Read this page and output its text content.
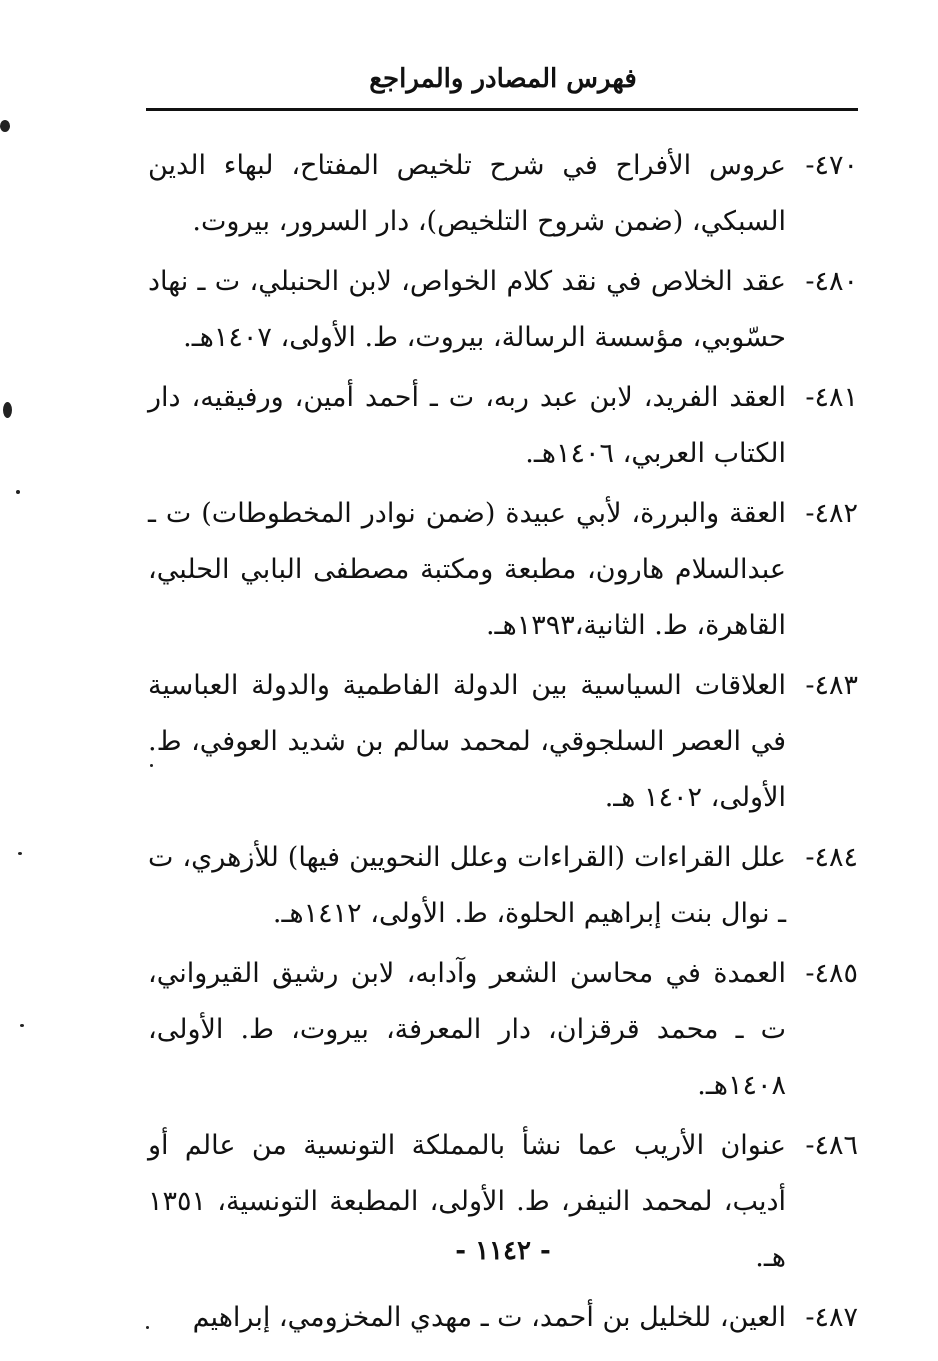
فهرس المصادر والمراجع
٤٧٠-
عروس الأفراح في شرح تلخيص المفتاح، لبهاء الدين السبكي، (ضمن شروح التلخيص)، دار السرور، بيروت.
٤٨٠-
عقد الخلاص في نقد كلام الخواص، لابن الحنبلي، ت ـ نهاد حسّوبي، مؤسسة الرسالة، بيروت، ط. الأولى، ١٤٠٧هـ.
٤٨١-
العقد الفريد، لابن عبد ربه، ت ـ أحمد أمين، ورفيقيه، دار الكتاب العربي، ١٤٠٦هـ.
٤٨٢-
العقة والبررة، لأبي عبيدة (ضمن نوادر المخطوطات) ت ـ عبدالسلام هارون، مطبعة ومكتبة مصطفى البابي الحلبي، القاهرة، ط. الثانية،١٣٩٣هـ.
٤٨٣-
العلاقات السياسية بين الدولة الفاطمية والدولة العباسية في العصر السلجوقي، لمحمد سالم بن شديد العوفي، ط. الأولى، ١٤٠٢ هـ.
٤٨٤-
علل القراءات (القراءات وعلل النحويين فيها) للأزهري، ت ـ نوال بنت إبراهيم الحلوة، ط. الأولى، ١٤١٢هـ.
٤٨٥-
العمدة في محاسن الشعر وآدابه، لابن رشيق القيرواني، ت ـ محمد قرقزان، دار المعرفة، بيروت، ط. الأولى، ١٤٠٨هـ.
٤٨٦-
عنوان الأريب عما نشأ بالمملكة التونسية من عالم أو أديب، لمحمد النيفر، ط. الأولى، المطبعة التونسية، ١٣٥١ هـ.
٤٨٧-
العين، للخليل بن أحمد، ت ـ مهدي المخزومي، إبراهيم
- ١١٤٢ -
